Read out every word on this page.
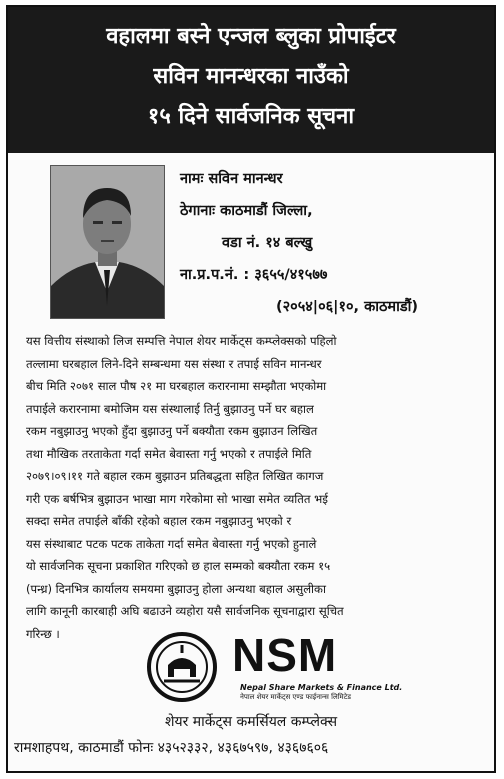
वहालमा बस्ने एन्जल ब्लुका प्रोपाईटर
सविन मानन्धरका नाउँको
१५ दिने सार्वजनिक सूचना
नामः सविन मानन्धर
ठेगानाः काठमाडौं जिल्ला,
वडा नं. १४ बल्खु
ना.प्र.प.नं. : ३६५५/४१५७७
(२०५४|०६|१०, काठमाडौं)
यस वित्तीय संस्थाको लिज सम्पत्ति नेपाल शेयर मार्केट्स कम्प्लेक्सको पहिलो
तल्लामा घरबहाल लिने-दिने सम्बन्धमा यस संस्था र तपाई सविन मानन्धर
बीच मिति २०७१ साल पौष २१ मा घरबहाल करारनामा सम्झौता भएकोमा
तपाईले करारनामा बमोजिम यस संस्थालाई तिर्नु बुझाउनु पर्ने घर बहाल
रकम नबुझाउनु भएको हुँदा बुझाउनु पर्ने बक्यौता रकम बुझाउन लिखित
तथा मौखिक तरताकेता गर्दा समेत बेवास्ता गर्नु भएको र तपाईले मिति
२०७९।०९।११ गते बहाल रकम बुझाउन प्रतिबद्धता सहित लिखित कागज
गरी एक बर्षभित्र बुझाउन भाखा माग गरेकोमा सो भाखा समेत व्यतित भई
सक्दा समेत तपाईले बाँकी रहेको बहाल रकम नबुझाउनु भएको र
यस संस्थाबाट पटक पटक ताकेता गर्दा समेत बेवास्ता गर्नु भएको हुनाले
यो सार्वजनिक सूचना प्रकाशित गरिएको छ हाल सम्मको बक्यौता रकम १५
(पन्ध्र) दिनभित्र कार्यालय समयमा बुझाउनु होला अन्यथा बहाल असुलीका
लागि कानूनी कारबाही अघि बढाउने व्यहोरा यसै सार्वजनिक सूचनाद्वारा सूचित
गरिन्छ ।	NSM
Nepal Share Markets & Finance Ltd.
नेपाल शेयर मार्केट्स एण्ड फाईनान्स लिमिटेड
शेयर मार्केट्स कमर्सियल कम्प्लेक्स
रामशाहपथ, काठमाडौं फोनः ४३५२३३२, ४३६७५९७, ४३६७६०६
